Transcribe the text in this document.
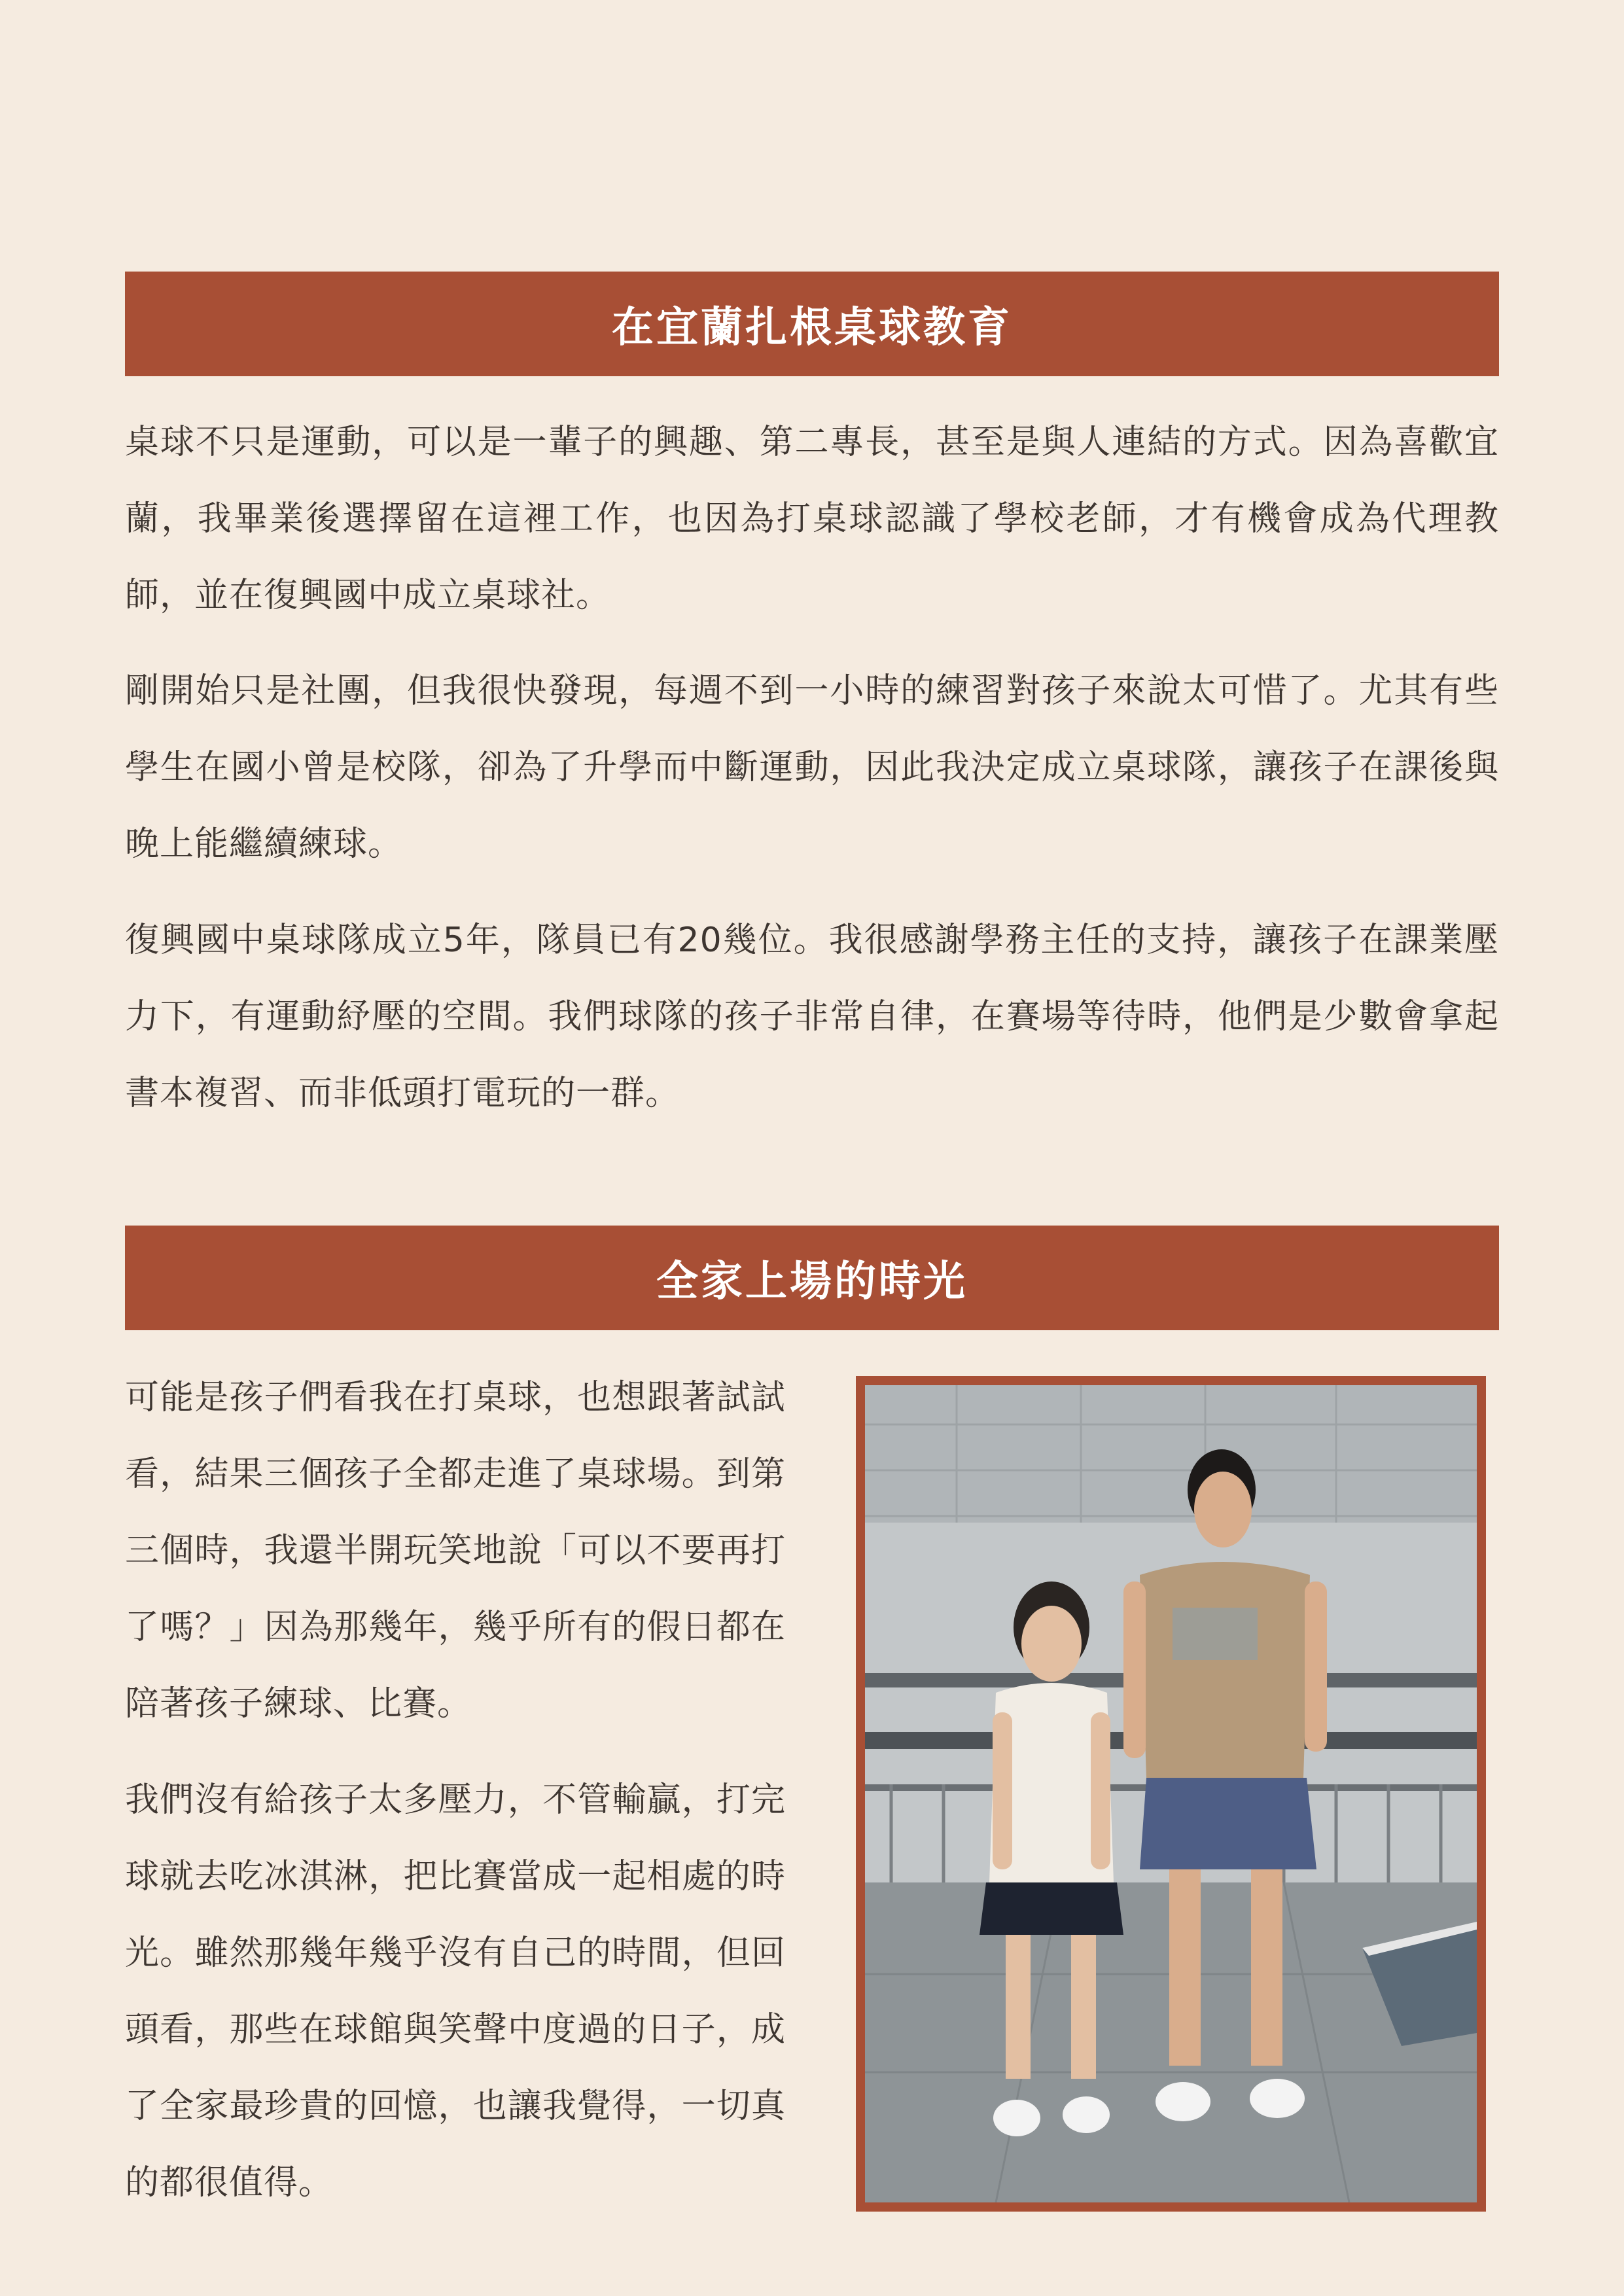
在宜蘭扎根桌球教育

桌球不只是運動，可以是一輩子的興趣、第二專長，甚至是與人連結的方式。因為喜歡宜蘭，我畢業後選擇留在這裡工作，也因為打桌球認識了學校老師，才有機會成為代理教師，並在復興國中成立桌球社。

剛開始只是社團，但我很快發現，每週不到一小時的練習對孩子來說太可惜了。尤其有些學生在國小曾是校隊，卻為了升學而中斷運動，因此我決定成立桌球隊，讓孩子在課後與晚上能繼續練球。

復興國中桌球隊成立5年，隊員已有20幾位。我很感謝學務主任的支持，讓孩子在課業壓力下，有運動紓壓的空間。我們球隊的孩子非常自律，在賽場等待時，他們是少數會拿起書本複習、而非低頭打電玩的一群。

全家上場的時光

可能是孩子們看我在打桌球，也想跟著試試看，結果三個孩子全都走進了桌球場。到第三個時，我還半開玩笑地說「可以不要再打了嗎？」因為那幾年，幾乎所有的假日都在陪著孩子練球、比賽。

我們沒有給孩子太多壓力，不管輸贏，打完球就去吃冰淇淋，把比賽當成一起相處的時光。雖然那幾年幾乎沒有自己的時間，但回頭看，那些在球館與笑聲中度過的日子，成了全家最珍貴的回憶，也讓我覺得，一切真的都很值得。
